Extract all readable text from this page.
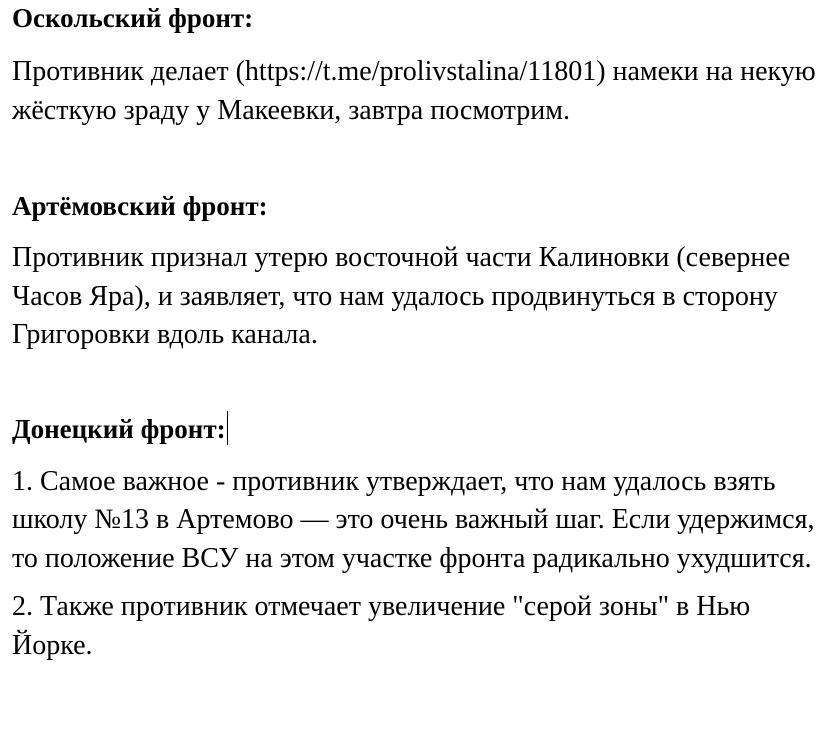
Оскольский фронт:

Противник делает (https://t.me/prolivstalina/11801) намеки на некую жёсткую зраду у Макеевки, завтра посмотрим.

Артёмовский фронт:

Противник признал утерю восточной части Калиновки (севернее Часов Яра), и заявляет, что нам удалось продвинуться в сторону Григоровки вдоль канала.

Донецкий фронт:

1. Самое важное - противник утверждает, что нам удалось взять школу №13 в Артемово — это очень важный шаг. Если удержимся, то положение ВСУ на этом участке фронта радикально ухудшится.

2. Также противник отмечает увеличение "серой зоны" в Нью Йорке.
